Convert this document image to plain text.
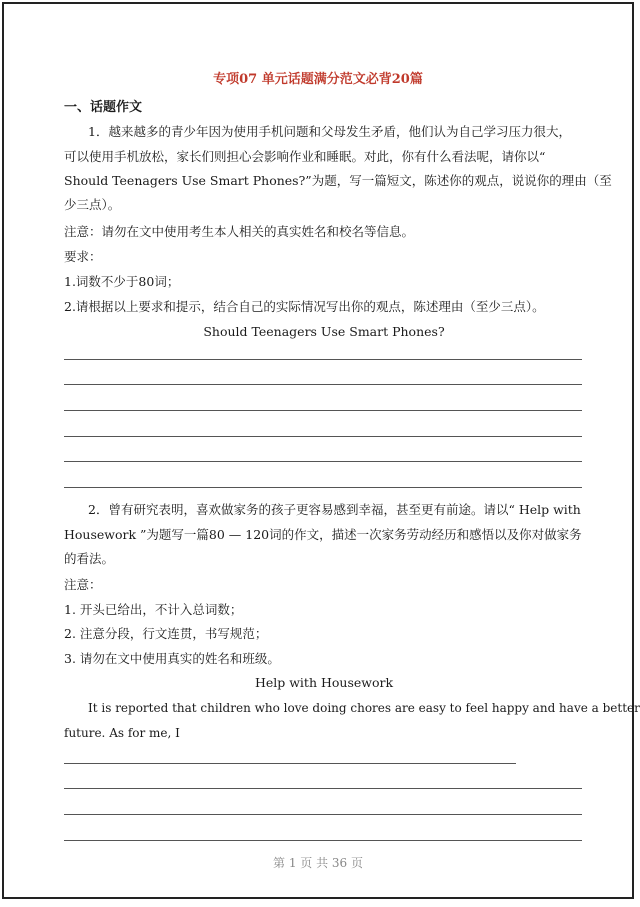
专项07 单元话题满分范文必背20篇
一、话题作文
1．越来越多的青少年因为使用手机问题和父母发生矛盾，他们认为自己学习压力很大，
可以使用手机放松，家长们则担心会影响作业和睡眠。对此，你有什么看法呢，请你以“
Should Teenagers Use Smart Phones?”为题，写一篇短文，陈述你的观点，说说你的理由（至
少三点）。
注意：请勿在文中使用考生本人相关的真实姓名和校名等信息。
要求：
1.词数不少于80词；
2.请根据以上要求和提示，结合自己的实际情况写出你的观点，陈述理由（至少三点）。
Should Teenagers Use Smart Phones?
2．曾有研究表明，喜欢做家务的孩子更容易感到幸福，甚至更有前途。请以“ Help with
Housework ”为题写一篇80 — 120词的作文，描述一次家务劳动经历和感悟以及你对做家务
的看法。
注意：
1. 开头已给出，不计入总词数；
2. 注意分段，行文连贯，书写规范；
3. 请勿在文中使用真实的姓名和班级。
Help with Housework
It is reported that children who love doing chores are easy to feel happy and have a better
future. As for me, I
第 1 页 共 36 页
